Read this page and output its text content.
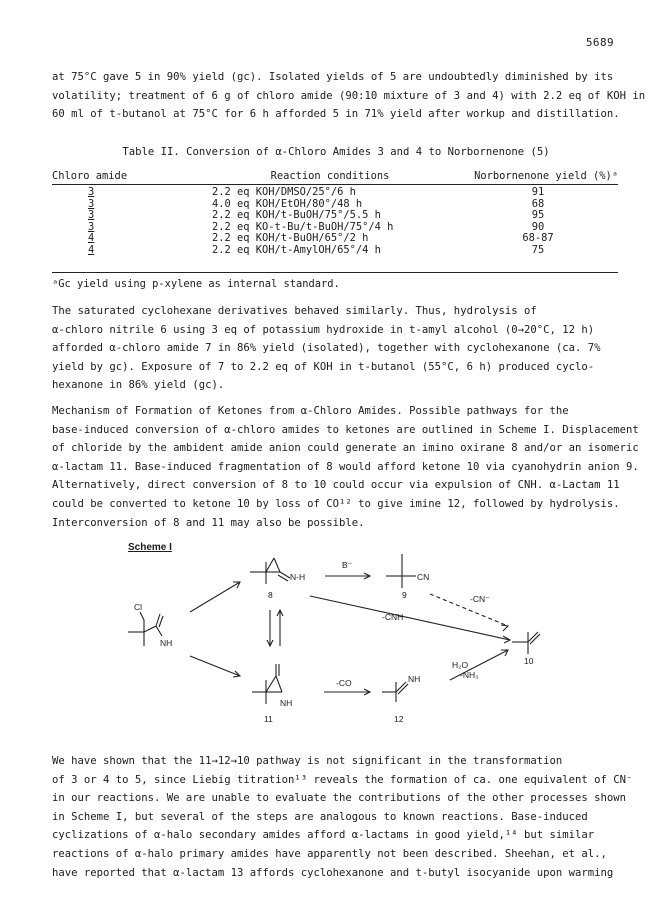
5689
at 75°C gave 5 in 90% yield (gc). Isolated yields of 5 are undoubtedly diminished by its
volatility; treatment of 6 g of chloro amide (90:10 mixture of 3 and 4) with 2.2 eq of KOH in
60 ml of t-butanol at 75°C for 6 h afforded 5 in 71% yield after workup and distillation.
Table II. Conversion of α-Chloro Amides 3 and 4 to Norbornenone (5)
Chloro amide	Reaction conditions	Norbornenone yield (%)ᵃ
3	2.2 eq KOH/DMSO/25°/6 h	91
3	4.0 eq KOH/EtOH/80°/48 h	68
3	2.2 eq KOH/t-BuOH/75°/5.5 h	95
3	2.2 eq KO-t-Bu/t-BuOH/75°/4 h	90
4	2.2 eq KOH/t-BuOH/65°/2 h	68-87
4	2.2 eq KOH/t-AmylOH/65°/4 h	75
ᵃGc yield using p-xylene as internal standard.
The saturated cyclohexane derivatives behaved similarly. Thus, hydrolysis of
α-chloro nitrile 6 using 3 eq of potassium hydroxide in t-amyl alcohol (0→20°C, 12 h)
afforded α-chloro amide 7 in 86% yield (isolated), together with cyclohexanone (ca. 7%
yield by gc). Exposure of 7 to 2.2 eq of KOH in t-butanol (55°C, 6 h) produced cyclo-
hexanone in 86% yield (gc).
Mechanism of Formation of Ketones from α-Chloro Amides. Possible pathways for the
base-induced conversion of α-chloro amides to ketones are outlined in Scheme I. Displacement
of chloride by the ambident amide anion could generate an imino oxirane 8 and/or an isomeric
α-lactam 11. Base-induced fragmentation of 8 would afford ketone 10 via cyanohydrin anion 9.
Alternatively, direct conversion of 8 to 10 could occur via expulsion of CNH. α-Lactam 11
could be converted to ketone 10 by loss of CO¹² to give imine 12, followed by hydrolysis.
Interconversion of 8 and 11 may also be possible.
Scheme I
Cl
NH
N-H
8
B⁻
CN
9	-CN⁻
-CNH
10
H₂O
-NH₃
NH
11
-CO	NH
12
We have shown that the 11→12→10 pathway is not significant in the transformation
of 3 or 4 to 5, since Liebig titration¹³ reveals the formation of ca. one equivalent of CN⁻
in our reactions. We are unable to evaluate the contributions of the other processes shown
in Scheme I, but several of the steps are analogous to known reactions. Base-induced
cyclizations of α-halo secondary amides afford α-lactams in good yield,¹⁴ but similar
reactions of α-halo primary amides have apparently not been described. Sheehan, et al.,
have reported that α-lactam 13 affords cyclohexanone and t-butyl isocyanide upon warming
